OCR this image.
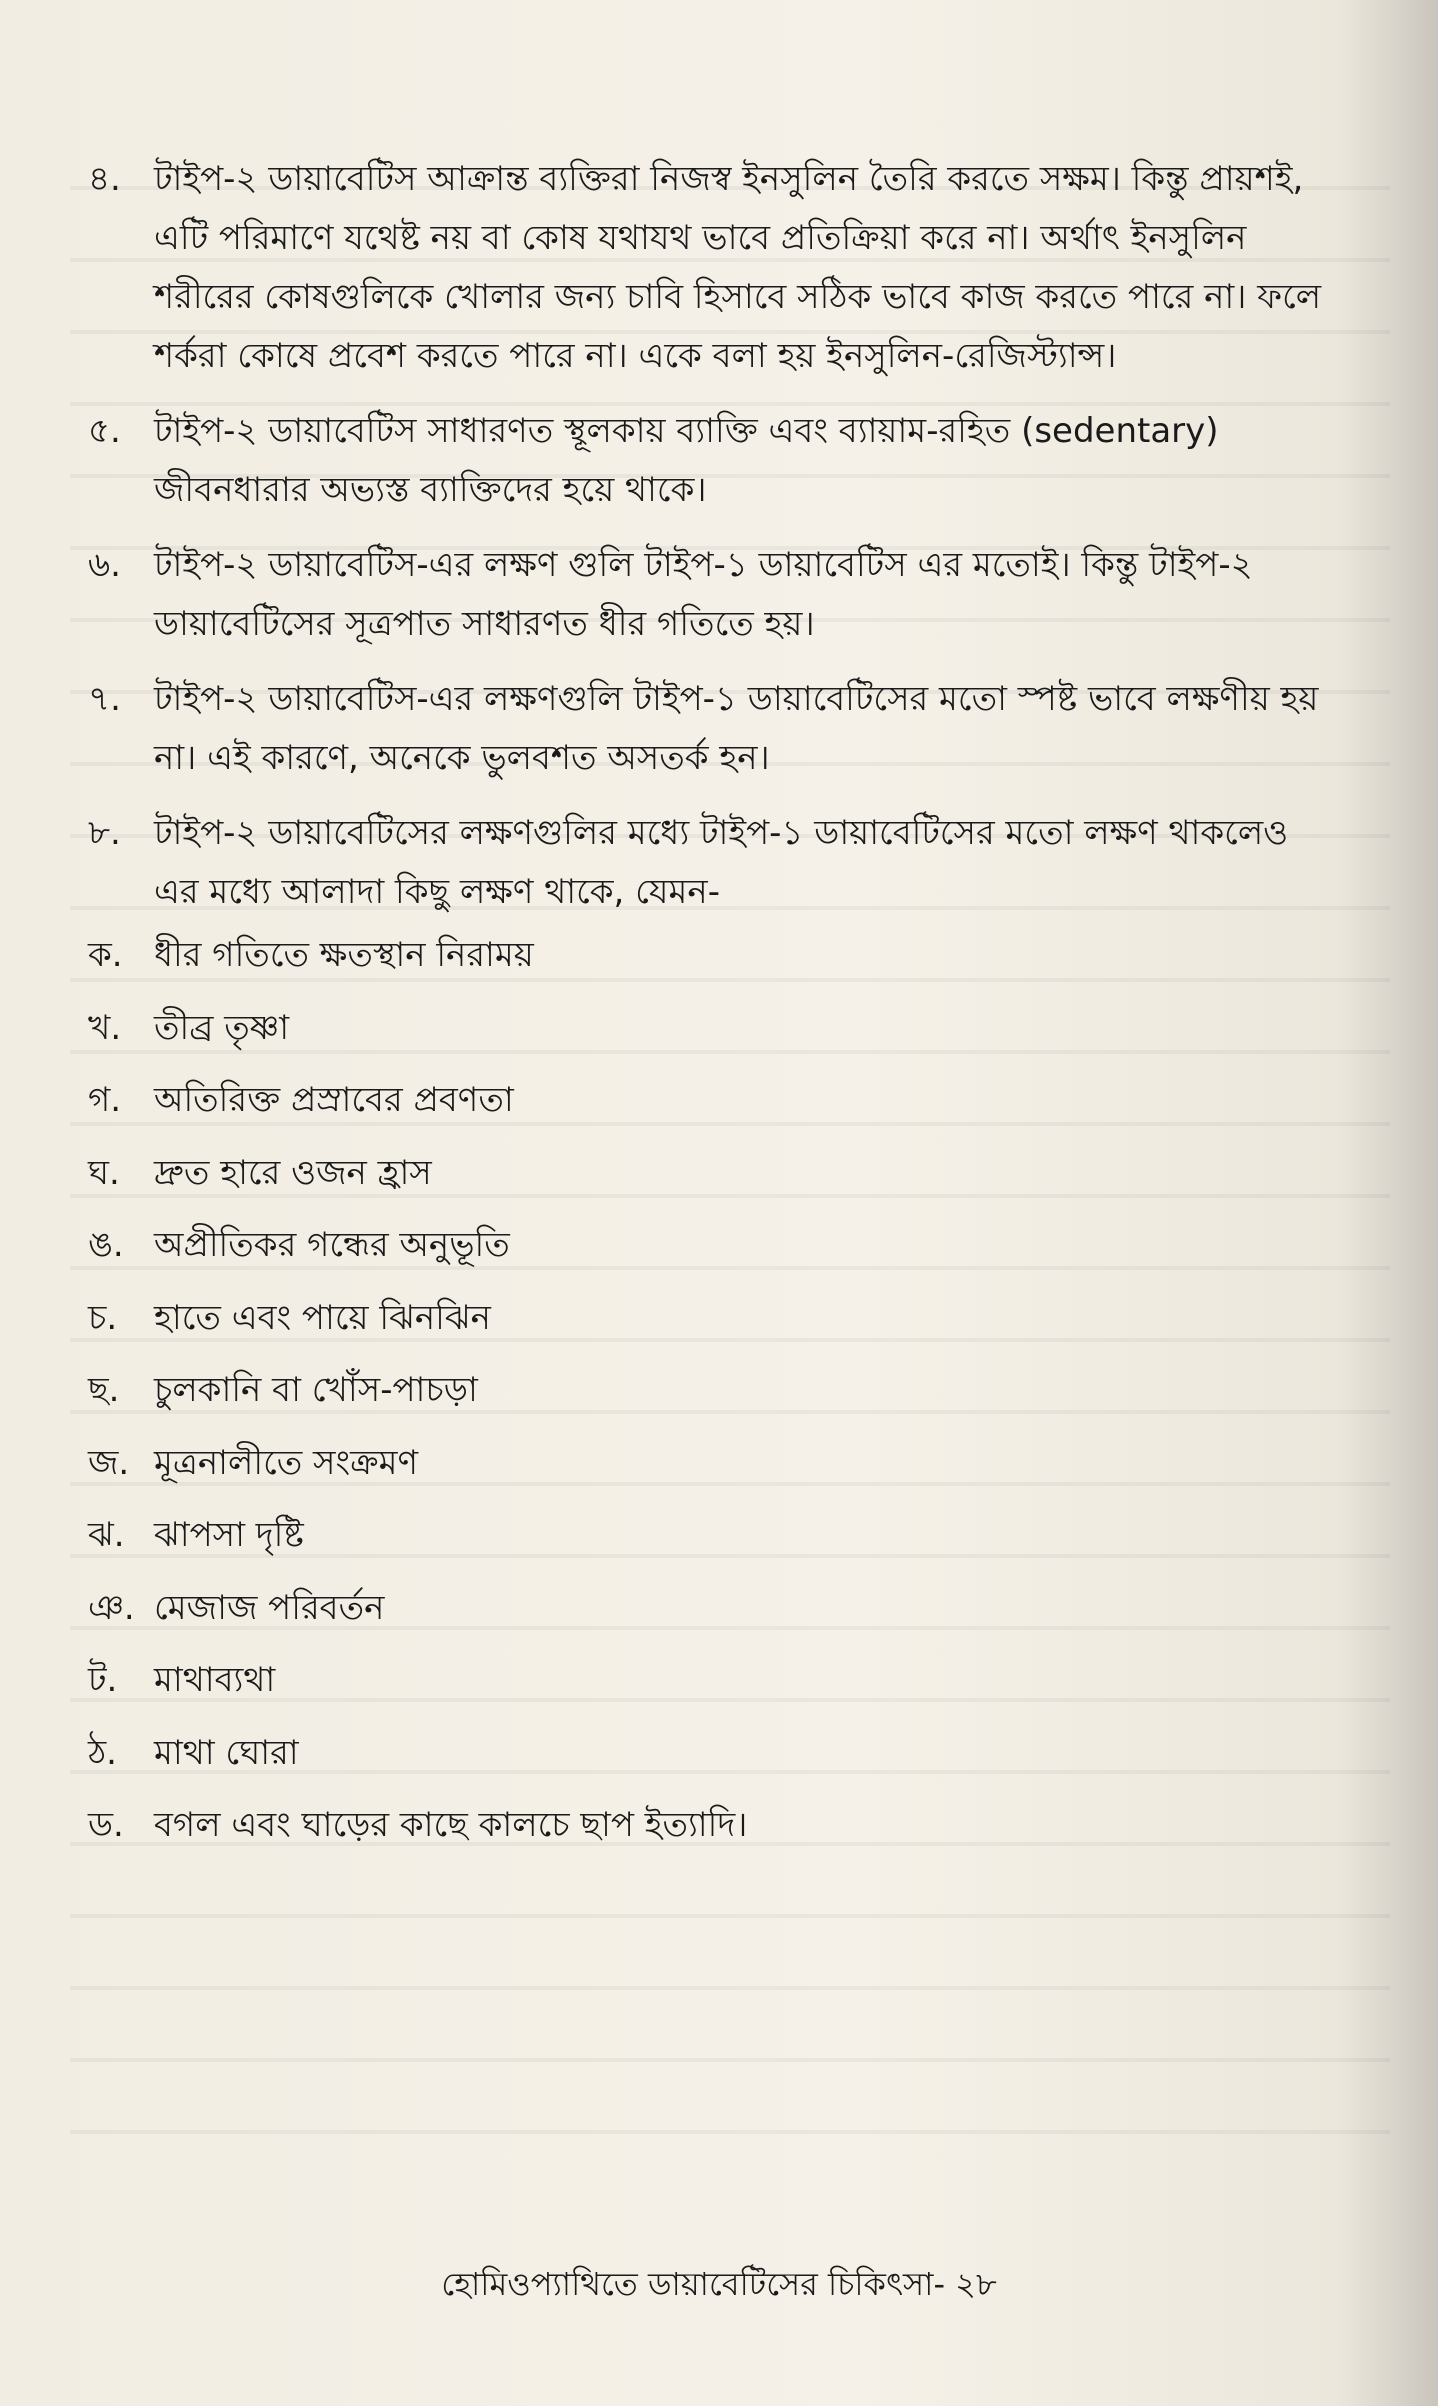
৪. টাইপ-২ ডায়াবেটিস আক্রান্ত ব্যক্তিরা নিজস্ব ইনসুলিন তৈরি করতে সক্ষম। কিন্তু প্রায়শই, এটি পরিমাণে যথেষ্ট নয় বা কোষ যথাযথ ভাবে প্রতিক্রিয়া করে না। অর্থাৎ ইনসুলিন শরীরের কোষগুলিকে খোলার জন্য চাবি হিসাবে সঠিক ভাবে কাজ করতে পারে না। ফলে শর্করা কোষে প্রবেশ করতে পারে না। একে বলা হয় ইনসুলিন-রেজিস্ট্যান্স।
৫. টাইপ-২ ডায়াবেটিস সাধারণত স্থূলকায় ব্যাক্তি এবং ব্যায়াম-রহিত (sedentary) জীবনধারার অভ্যস্ত ব্যাক্তিদের হয়ে থাকে।
৬. টাইপ-২ ডায়াবেটিস-এর লক্ষণ গুলি টাইপ-১ ডায়াবেটিস এর মতোই। কিন্তু টাইপ-২ ডায়াবেটিসের সূত্রপাত সাধারণত ধীর গতিতে হয়।
৭. টাইপ-২ ডায়াবেটিস-এর লক্ষণগুলি টাইপ-১ ডায়াবেটিসের মতো স্পষ্ট ভাবে লক্ষণীয় হয় না। এই কারণে, অনেকে ভুলবশত অসতর্ক হন।
৮. টাইপ-২ ডায়াবেটিসের লক্ষণগুলির মধ্যে টাইপ-১ ডায়াবেটিসের মতো লক্ষণ থাকলেও এর মধ্যে আলাদা কিছু লক্ষণ থাকে, যেমন-
ক. ধীর গতিতে ক্ষতস্থান নিরাময়
খ. তীব্র তৃষ্ণা
গ. অতিরিক্ত প্রস্রাবের প্রবণতা
ঘ.	দ্রুত হারে ওজন হ্রাস
ঙ. অপ্রীতিকর গন্ধের অনুভূতি
চ.	হাতে এবং পায়ে ঝিনঝিন
ছ.	চুলকানি বা খোঁস-পাচড়া
জ. মূত্রনালীতে সংক্রমণ
ঝ. ঝাপসা দৃষ্টি
ঞ. মেজাজ পরিবর্তন
ট.	মাথাব্যথা
ঠ.	মাথা ঘোরা
ড. বগল এবং ঘাড়ের কাছে কালচে ছাপ ইত্যাদি।
হোমিওপ্যাথিতে ডায়াবেটিসের চিকিৎসা- ২৮
